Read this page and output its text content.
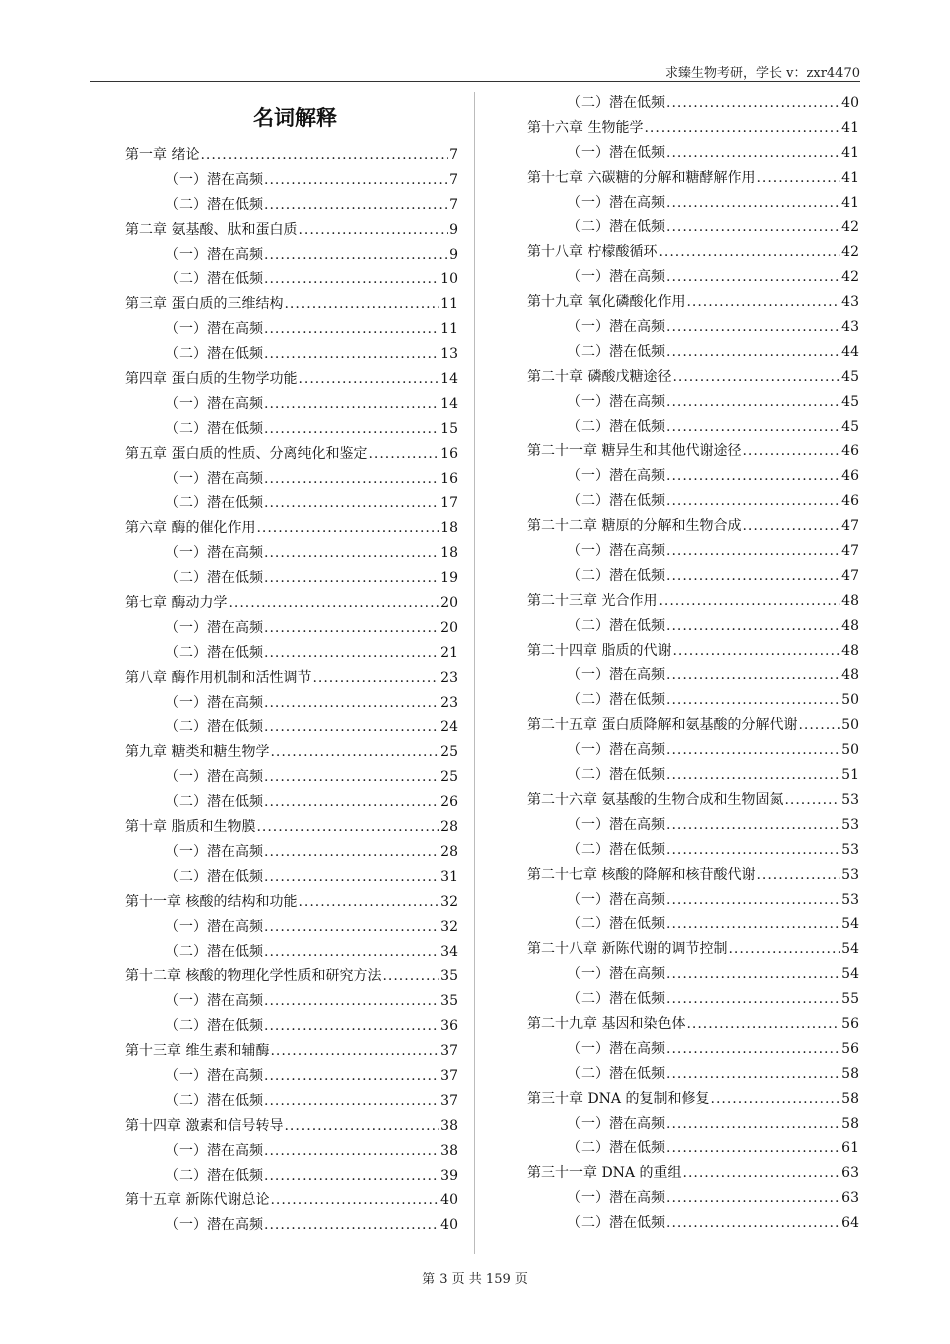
求臻生物考研，学长 v：zxr4470
名词解释
第一章 绪论 .....	7
（一）潜在高频 .....	7
（二）潜在低频 .....	7
第二章 氨基酸、肽和蛋白质 .....	9
（一）潜在高频 .....	9
（二）潜在低频 .....	10
第三章 蛋白质的三维结构 .....	11
（一）潜在高频 .....	11
（二）潜在低频 .....	13
第四章 蛋白质的生物学功能 .....	14
（一）潜在高频 .....	14
（二）潜在低频 .....	15
第五章 蛋白质的性质、分离纯化和鉴定 .....	16
（一）潜在高频 .....	16
（二）潜在低频 .....	17
第六章 酶的催化作用 .....	18
（一）潜在高频 .....	18
（二）潜在低频 .....	19
第七章 酶动力学 .....	20
（一）潜在高频 .....	20
（二）潜在低频 .....	21
第八章 酶作用机制和活性调节 .....	23
（一）潜在高频 .....	23
（二）潜在低频 .....	24
第九章 糖类和糖生物学 .....	25
（一）潜在高频 .....	25
（二）潜在低频 .....	26
第十章 脂质和生物膜 .....	28
（一）潜在高频 .....	28
（二）潜在低频 .....	31
第十一章 核酸的结构和功能 .....	32
（一）潜在高频 .....	32
（二）潜在低频 .....	34
第十二章 核酸的物理化学性质和研究方法 .....	35
（一）潜在高频 .....	35
（二）潜在低频 .....	36
第十三章 维生素和辅酶 .....	37
（一）潜在高频 .....	37
（二）潜在低频 .....	37
第十四章 激素和信号转导 .....	38
（一）潜在高频 .....	38
（二）潜在低频 .....	39
第十五章 新陈代谢总论 .....	40
（一）潜在高频 .....	40
（二）潜在低频 .....	40
第十六章 生物能学 .....	41
（一）潜在低频 .....	41
第十七章 六碳糖的分解和糖酵解作用 .....	41
（一）潜在高频 .....	41
（二）潜在低频 .....	42
第十八章 柠檬酸循环 .....	42
（一）潜在高频 .....	42
第十九章 氧化磷酸化作用 .....	43
（一）潜在高频 .....	43
（二）潜在低频 .....	44
第二十章 磷酸戊糖途径 .....	45
（一）潜在高频 .....	45
（二）潜在低频 .....	45
第二十一章 糖异生和其他代谢途径 .....	46
（一）潜在高频 .....	46
（二）潜在低频 .....	46
第二十二章 糖原的分解和生物合成 .....	47
（一）潜在高频 .....	47
（二）潜在低频 .....	47
第二十三章 光合作用 .....	48
（二）潜在低频 .....	48
第二十四章 脂质的代谢 .....	48
（一）潜在高频 .....	48
（二）潜在低频 .....	50
第二十五章 蛋白质降解和氨基酸的分解代谢 .....	50
（一）潜在高频 .....	50
（二）潜在低频 .....	51
第二十六章 氨基酸的生物合成和生物固氮 .....	53
（一）潜在高频 .....	53
（二）潜在低频 .....	53
第二十七章 核酸的降解和核苷酸代谢 .....	53
（一）潜在高频 .....	53
（二）潜在低频 .....	54
第二十八章 新陈代谢的调节控制 .....	54
（一）潜在高频 .....	54
（二）潜在低频 .....	55
第二十九章 基因和染色体 .....	56
（一）潜在高频 .....	56
（二）潜在低频 .....	58
第三十章 DNA 的复制和修复 .....	58
（一）潜在高频 .....	58
（二）潜在低频 .....	61
第三十一章 DNA 的重组 .....	63
（一）潜在高频 .....	63
（二）潜在低频 .....	64
第 3 页 共 159 页
